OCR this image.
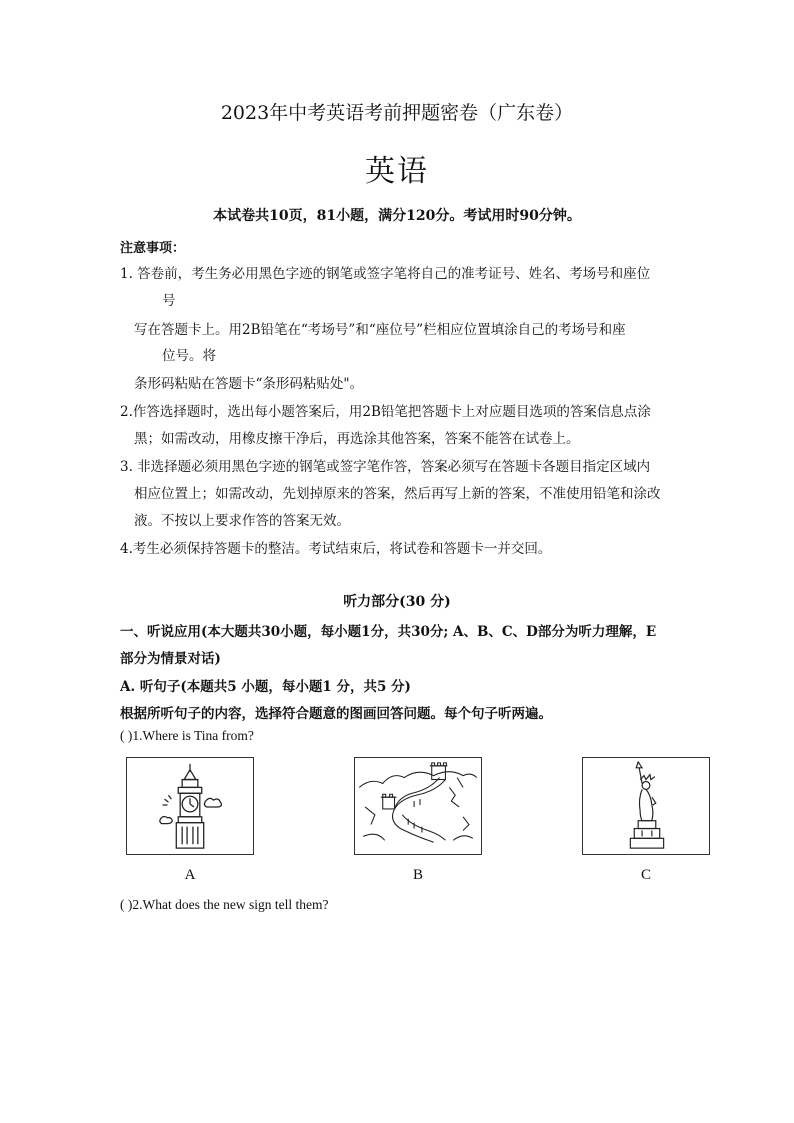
2023年中考英语考前押题密卷（广东卷）
英语
本试卷共10页，81小题，满分120分。考试用时90分钟。
注意事项：
1. 答卷前，考生务必用黑色字迹的钢笔或签字笔将自己的准考证号、姓名、考场号和座位
号
写在答题卡上。用2B铅笔在“考场号”和“座位号”栏相应位置填涂自己的考场号和座
位号。将
条形码粘贴在答题卡“条形码粘贴处"。
2.作答选择题时，选出每小题答案后，用2B铅笔把答题卡上对应题目选项的答案信息点涂
黑；如需改动，用橡皮擦干净后，再选涂其他答案，答案不能答在试卷上。
3. 非选择题必须用黑色字迹的钢笔或签字笔作答，答案必须写在答题卡各题目指定区域内
相应位置上；如需改动，先划掉原来的答案，然后再写上新的答案，不准使用铅笔和涂改
液。不按以上要求作答的答案无效。
4.考生必须保持答题卡的整洁。考试结束后，将试卷和答题卡一并交回。
听力部分(30 分)
一、听说应用(本大题共30小题，每小题1分，共30分; A、B、C、D部分为听力理解，E
部分为情景对话)
A. 听句子(本题共5 小题，每小题1 分，共5 分)
根据所听句子的内容，选择符合题意的图画回答问题。每个句子听两遍。
( )1.Where is Tina from?
A	B	C
( )2.What does the new sign tell them?
